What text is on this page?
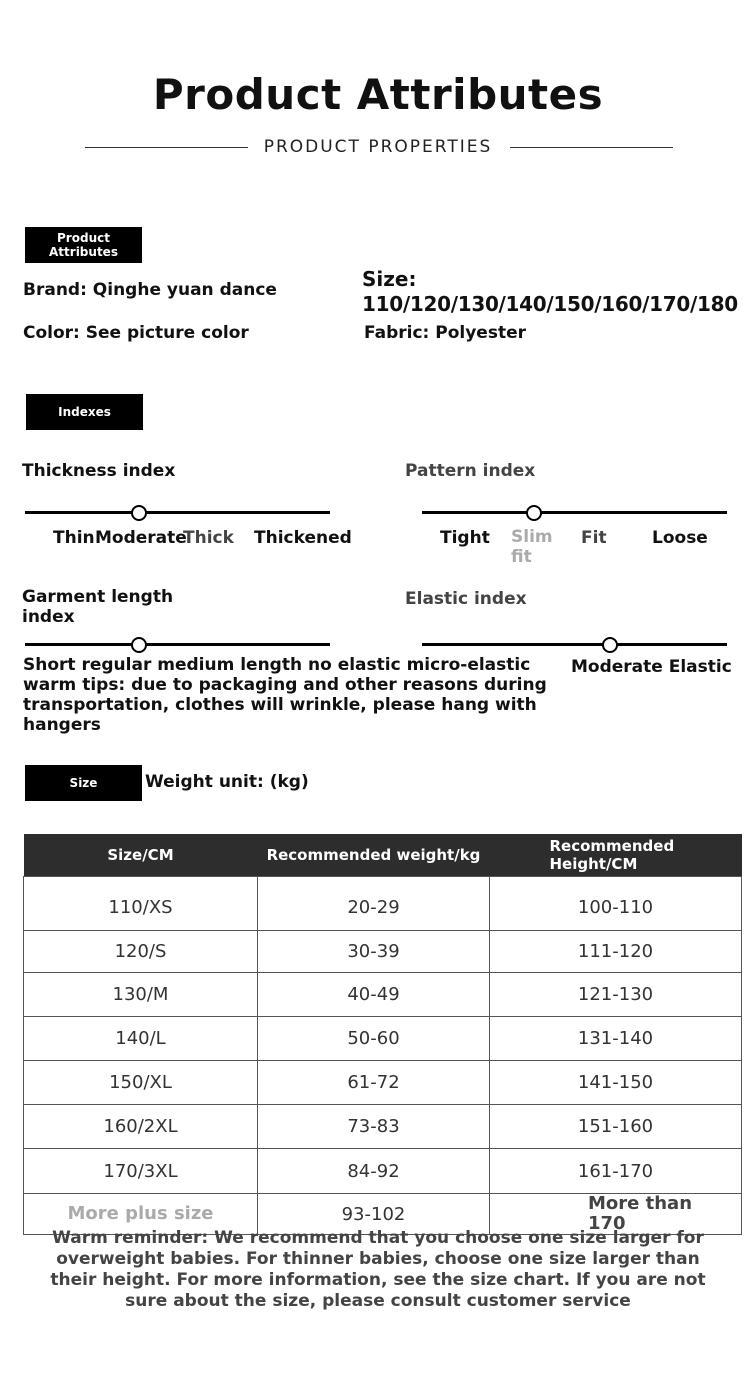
Product Attributes
PRODUCT PROPERTIES
Product Attributes
Brand: Qinghe yuan dance
Color: See picture color
Size:
110/120/130/140/150/160/170/180
Fabric: Polyester
Indexes
Thickness index
Thin Moderate
Thick Thickened
Pattern index
Tight Slim fit
Fit	Loose
Garment length
index
Elastic index
Moderate Elastic
Short regular medium length no elastic micro-elastic
warm tips: due to packaging and other reasons during
transportation, clothes will wrinkle, please hang with
hangers
Size	Weight unit: (kg)
Size/CM	Recommended weight/kg	Recommended Height/CM
110/XS	20-29	100-110
120/S	30-39	111-120
130/M	40-49	121-130
140/L	50-60	131-140
150/XL	61-72	141-150
160/2XL	73-83	151-160
170/3XL	84-92	161-170
More plus size	93-102	More than 170
Warm reminder: We recommend that you choose one size larger for overweight babies. For thinner babies, choose one size larger than their height. For more information, see the size chart. If you are not sure about the size, please consult customer service
